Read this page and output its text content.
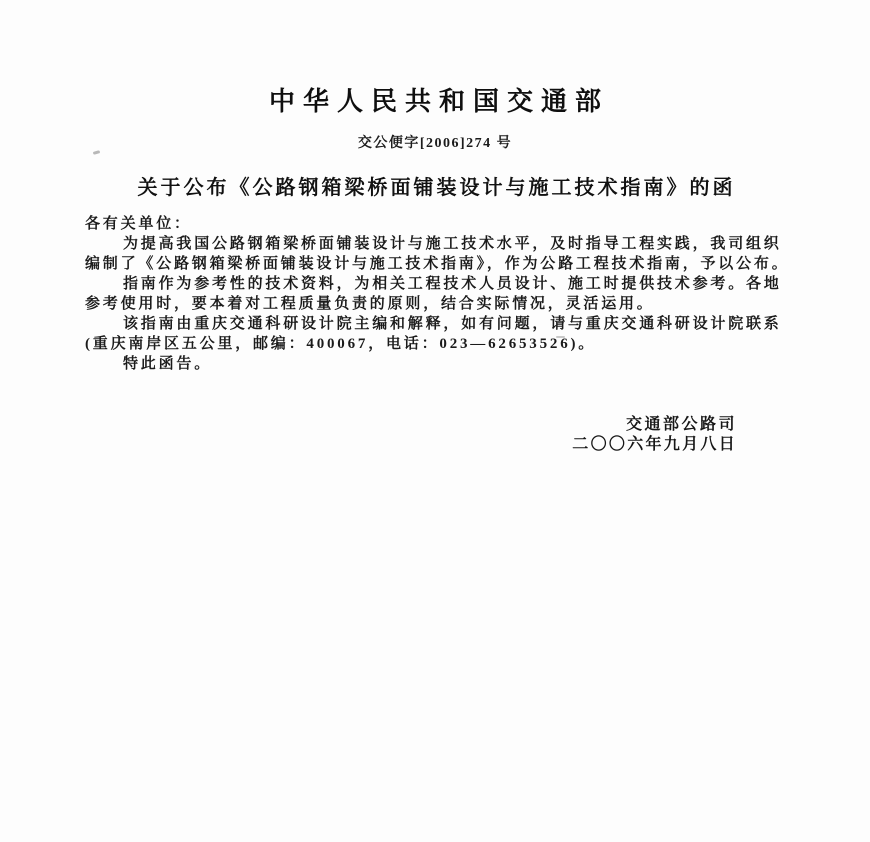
中华人民共和国交通部
交公便字[2006]274 号
关于公布《公路钢箱梁桥面铺装设计与施工技术指南》的函
各有关单位：
为提高我国公路钢箱梁桥面铺装设计与施工技术水平，及时指导工程实践，我司组织
编制了《公路钢箱梁桥面铺装设计与施工技术指南》，作为公路工程技术指南，予以公布。
指南作为参考性的技术资料，为相关工程技术人员设计、施工时提供技术参考。各地
参考使用时，要本着对工程质量负责的原则，结合实际情况，灵活运用。
该指南由重庆交通科研设计院主编和解释，如有问题，请与重庆交通科研设计院联系
(重庆南岸区五公里，邮编：400067，电话：023—62653526)。
特此函告。
交通部公路司
二〇〇六年九月八日
